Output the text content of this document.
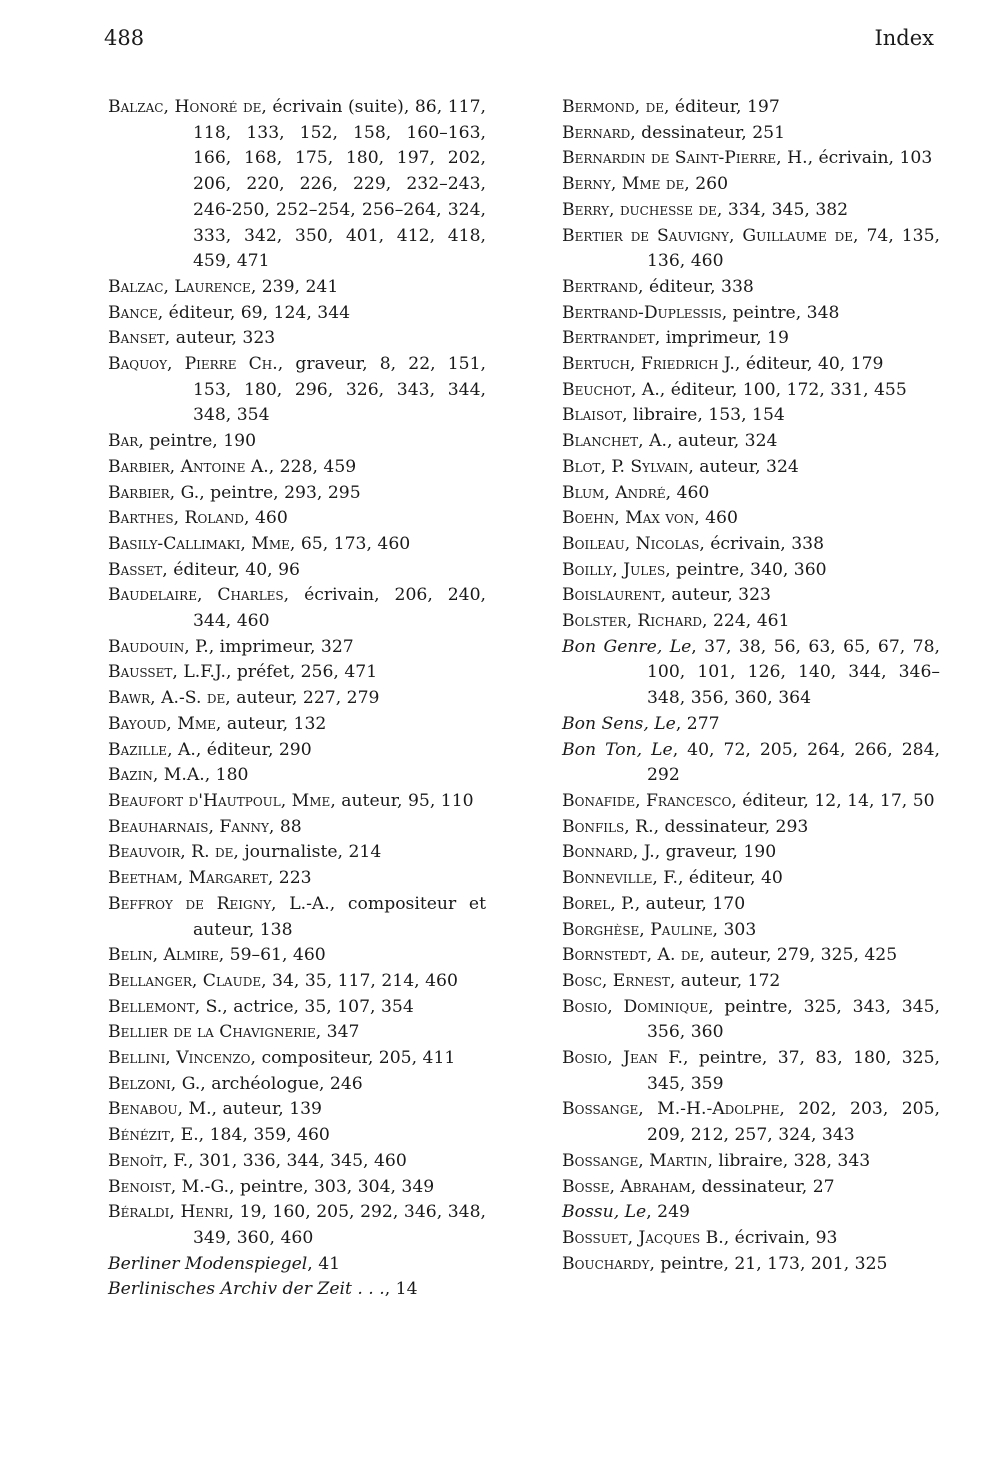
488	Index
Balzac, Honoré de, écrivain (suite), 86, 117, 118, 133, 152, 158, 160–163, 166, 168, 175, 180, 197, 202, 206, 220, 226, 229, 232–243, 246-250, 252–254, 256–264, 324, 333, 342, 350, 401, 412, 418, 459, 471
Balzac, Laurence, 239, 241
Bance, éditeur, 69, 124, 344
Banset, auteur, 323
Baquoy, Pierre Ch., graveur, 8, 22, 151, 153, 180, 296, 326, 343, 344, 348, 354
Bar, peintre, 190
Barbier, Antoine A., 228, 459
Barbier, G., peintre, 293, 295
Barthes, Roland, 460
Basily-Callimaki, Mme, 65, 173, 460
Basset, éditeur, 40, 96
Baudelaire, Charles, écrivain, 206, 240, 344, 460
Baudouin, P., imprimeur, 327
Bausset, L.F.J., préfet, 256, 471
Bawr, A.-S. de, auteur, 227, 279
Bayoud, Mme, auteur, 132
Bazille, A., éditeur, 290
Bazin, M.A., 180
Beaufort d'Hautpoul, Mme, auteur, 95, 110
Beauharnais, Fanny, 88
Beauvoir, R. de, journaliste, 214
Beetham, Margaret, 223
Beffroy de Reigny, L.-A., compositeur et auteur, 138
Belin, Almire, 59–61, 460
Bellanger, Claude, 34, 35, 117, 214, 460
Bellemont, S., actrice, 35, 107, 354
Bellier de la Chavignerie, 347
Bellini, Vincenzo, compositeur, 205, 411
Belzoni, G., archéologue, 246
Benabou, M., auteur, 139
Bénézit, E., 184, 359, 460
Benoît, F., 301, 336, 344, 345, 460
Benoist, M.-G., peintre, 303, 304, 349
Béraldi, Henri, 19, 160, 205, 292, 346, 348, 349, 360, 460
Berliner Modenspiegel, 41
Berlinisches Archiv der Zeit . . ., 14
Bermond, de, éditeur, 197
Bernard, dessinateur, 251
Bernardin de Saint-Pierre, H., écrivain, 103
Berny, Mme de, 260
Berry, duchesse de, 334, 345, 382
Bertier de Sauvigny, Guillaume de, 74, 135, 136, 460
Bertrand, éditeur, 338
Bertrand-Duplessis, peintre, 348
Bertrandet, imprimeur, 19
Bertuch, Friedrich J., éditeur, 40, 179
Beuchot, A., éditeur, 100, 172, 331, 455
Blaisot, libraire, 153, 154
Blanchet, A., auteur, 324
Blot, P. Sylvain, auteur, 324
Blum, André, 460
Boehn, Max von, 460
Boileau, Nicolas, écrivain, 338
Boilly, Jules, peintre, 340, 360
Boislaurent, auteur, 323
Bolster, Richard, 224, 461
Bon Genre, Le, 37, 38, 56, 63, 65, 67, 78, 100, 101, 126, 140, 344, 346–348, 356, 360, 364
Bon Sens, Le, 277
Bon Ton, Le, 40, 72, 205, 264, 266, 284, 292
Bonafide, Francesco, éditeur, 12, 14, 17, 50
Bonfils, R., dessinateur, 293
Bonnard, J., graveur, 190
Bonneville, F., éditeur, 40
Borel, P., auteur, 170
Borghèse, Pauline, 303
Bornstedt, A. de, auteur, 279, 325, 425
Bosc, Ernest, auteur, 172
Bosio, Dominique, peintre, 325, 343, 345, 356, 360
Bosio, Jean F., peintre, 37, 83, 180, 325, 345, 359
Bossange, M.-H.-Adolphe, 202, 203, 205, 209, 212, 257, 324, 343
Bossange, Martin, libraire, 328, 343
Bosse, Abraham, dessinateur, 27
Bossu, Le, 249
Bossuet, Jacques B., écrivain, 93
Bouchardy, peintre, 21, 173, 201, 325
